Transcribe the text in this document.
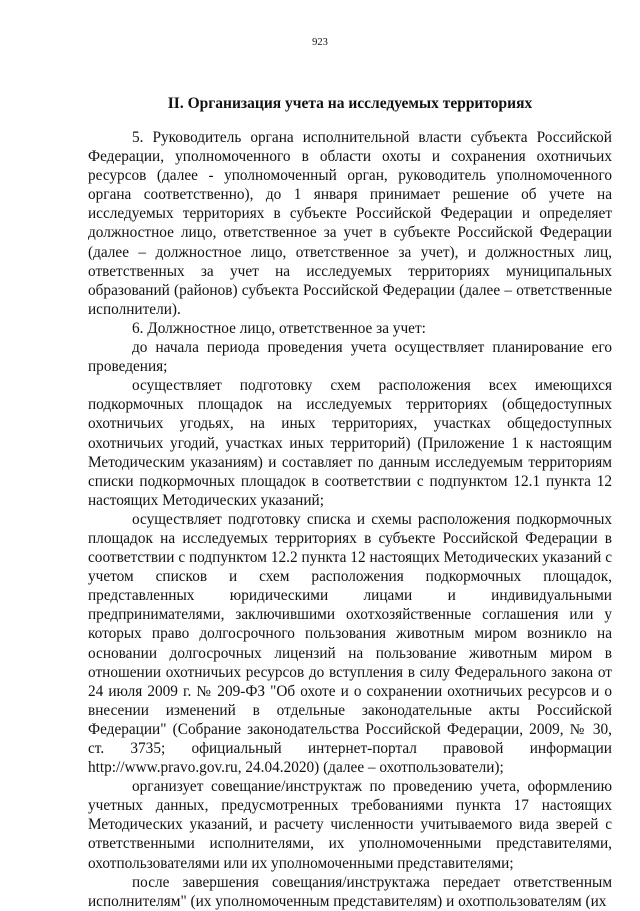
923
II. Организация учета на исследуемых территориях

5. Руководитель органа исполнительной власти субъекта Российской Федерации, уполномоченного в области охоты и сохранения охотничьих ресурсов (далее - уполномоченный орган, руководитель уполномоченного органа соответственно), до 1 января принимает решение об учете на исследуемых территориях в субъекте Российской Федерации и определяет должностное лицо, ответственное за учет в субъекте Российской Федерации (далее – должностное лицо, ответственное за учет), и должностных лиц, ответственных за учет на исследуемых территориях муниципальных образований (районов) субъекта Российской Федерации (далее – ответственные исполнители).

6. Должностное лицо, ответственное за учет:

до начала периода проведения учета осуществляет планирование его проведения;

осуществляет подготовку схем расположения всех имеющихся подкормочных площадок на исследуемых территориях (общедоступных охотничьих угодьях, на иных территориях, участках общедоступных охотничьих угодий, участках иных территорий) (Приложение 1 к настоящим Методическим указаниям) и составляет по данным исследуемым территориям списки подкормочных площадок в соответствии с подпунктом 12.1 пункта 12 настоящих Методических указаний;

осуществляет подготовку списка и схемы расположения подкормочных площадок на исследуемых территориях в субъекте Российской Федерации в соответствии с подпунктом 12.2 пункта 12 настоящих Методических указаний с учетом списков и схем расположения подкормочных площадок, представленных юридическими лицами и индивидуальными предпринимателями, заключившими охотхозяйственные соглашения или у которых право долгосрочного пользования животным миром возникло на основании долгосрочных лицензий на пользование животным миром в отношении охотничьих ресурсов до вступления в силу Федерального закона от 24 июля 2009 г. № 209-ФЗ "Об охоте и о сохранении охотничьих ресурсов и о внесении изменений в отдельные законодательные акты Российской Федерации" (Собрание законодательства Российской Федерации, 2009, № 30, ст. 3735; официальный интернет-портал правовой информации http://www.pravo.gov.ru, 24.04.2020) (далее – охотпользователи);

организует совещание/инструктаж по проведению учета, оформлению учетных данных, предусмотренных требованиями пункта 17 настоящих Методических указаний, и расчету численности учитываемого вида зверей с ответственными исполнителями, их уполномоченными представителями, охотпользователями или их уполномоченными представителями;

после завершения совещания/инструктажа передает ответственным исполнителям" (их уполномоченным представителям) и охотпользователям (их
